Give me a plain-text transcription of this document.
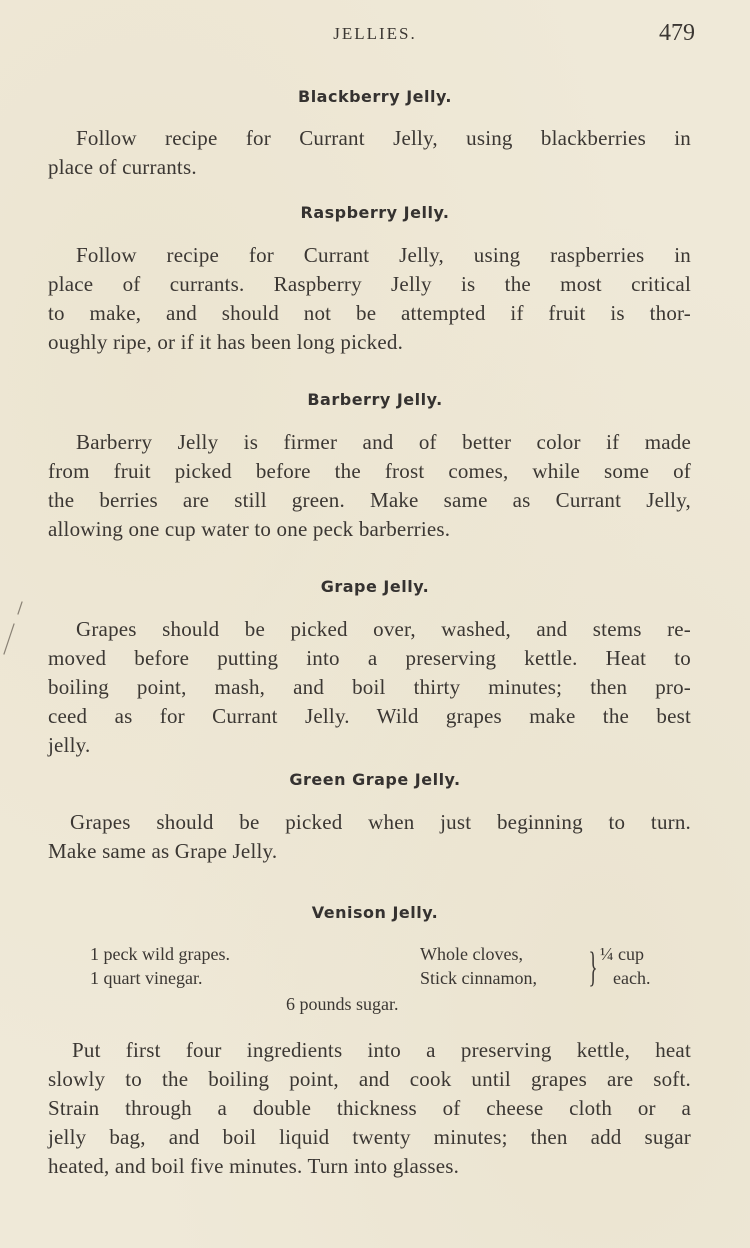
JELLIES.	479
Blackberry Jelly.

Follow recipe for Currant Jelly, using blackberries in
place of currants.

Raspberry Jelly.

Follow recipe for Currant Jelly, using raspberries in
place of currants. Raspberry Jelly is the most critical
to make, and should not be attempted if fruit is thor-
oughly ripe, or if it has been long picked.

Barberry Jelly.

Barberry Jelly is firmer and of better color if made
from fruit picked before the frost comes, while some of
the berries are still green. Make same as Currant Jelly,
allowing one cup water to one peck barberries.

Grape Jelly.

Grapes should be picked over, washed, and stems re-
moved before putting into a preserving kettle. Heat to
boiling point, mash, and boil thirty minutes; then pro-
ceed as for Currant Jelly. Wild grapes make the best
jelly.

Green Grape Jelly.

Grapes should be picked when just beginning to turn.
Make same as Grape Jelly.

Venison Jelly.
1 peck wild grapes.
1 quart vinegar.
Whole cloves,
Stick cinnamon, } ¼ cup
each.
6 pounds sugar.

Put first four ingredients into a preserving kettle, heat
slowly to the boiling point, and cook until grapes are soft.
Strain through a double thickness of cheese cloth or a
jelly bag, and boil liquid twenty minutes; then add sugar
heated, and boil five minutes. Turn into glasses.
